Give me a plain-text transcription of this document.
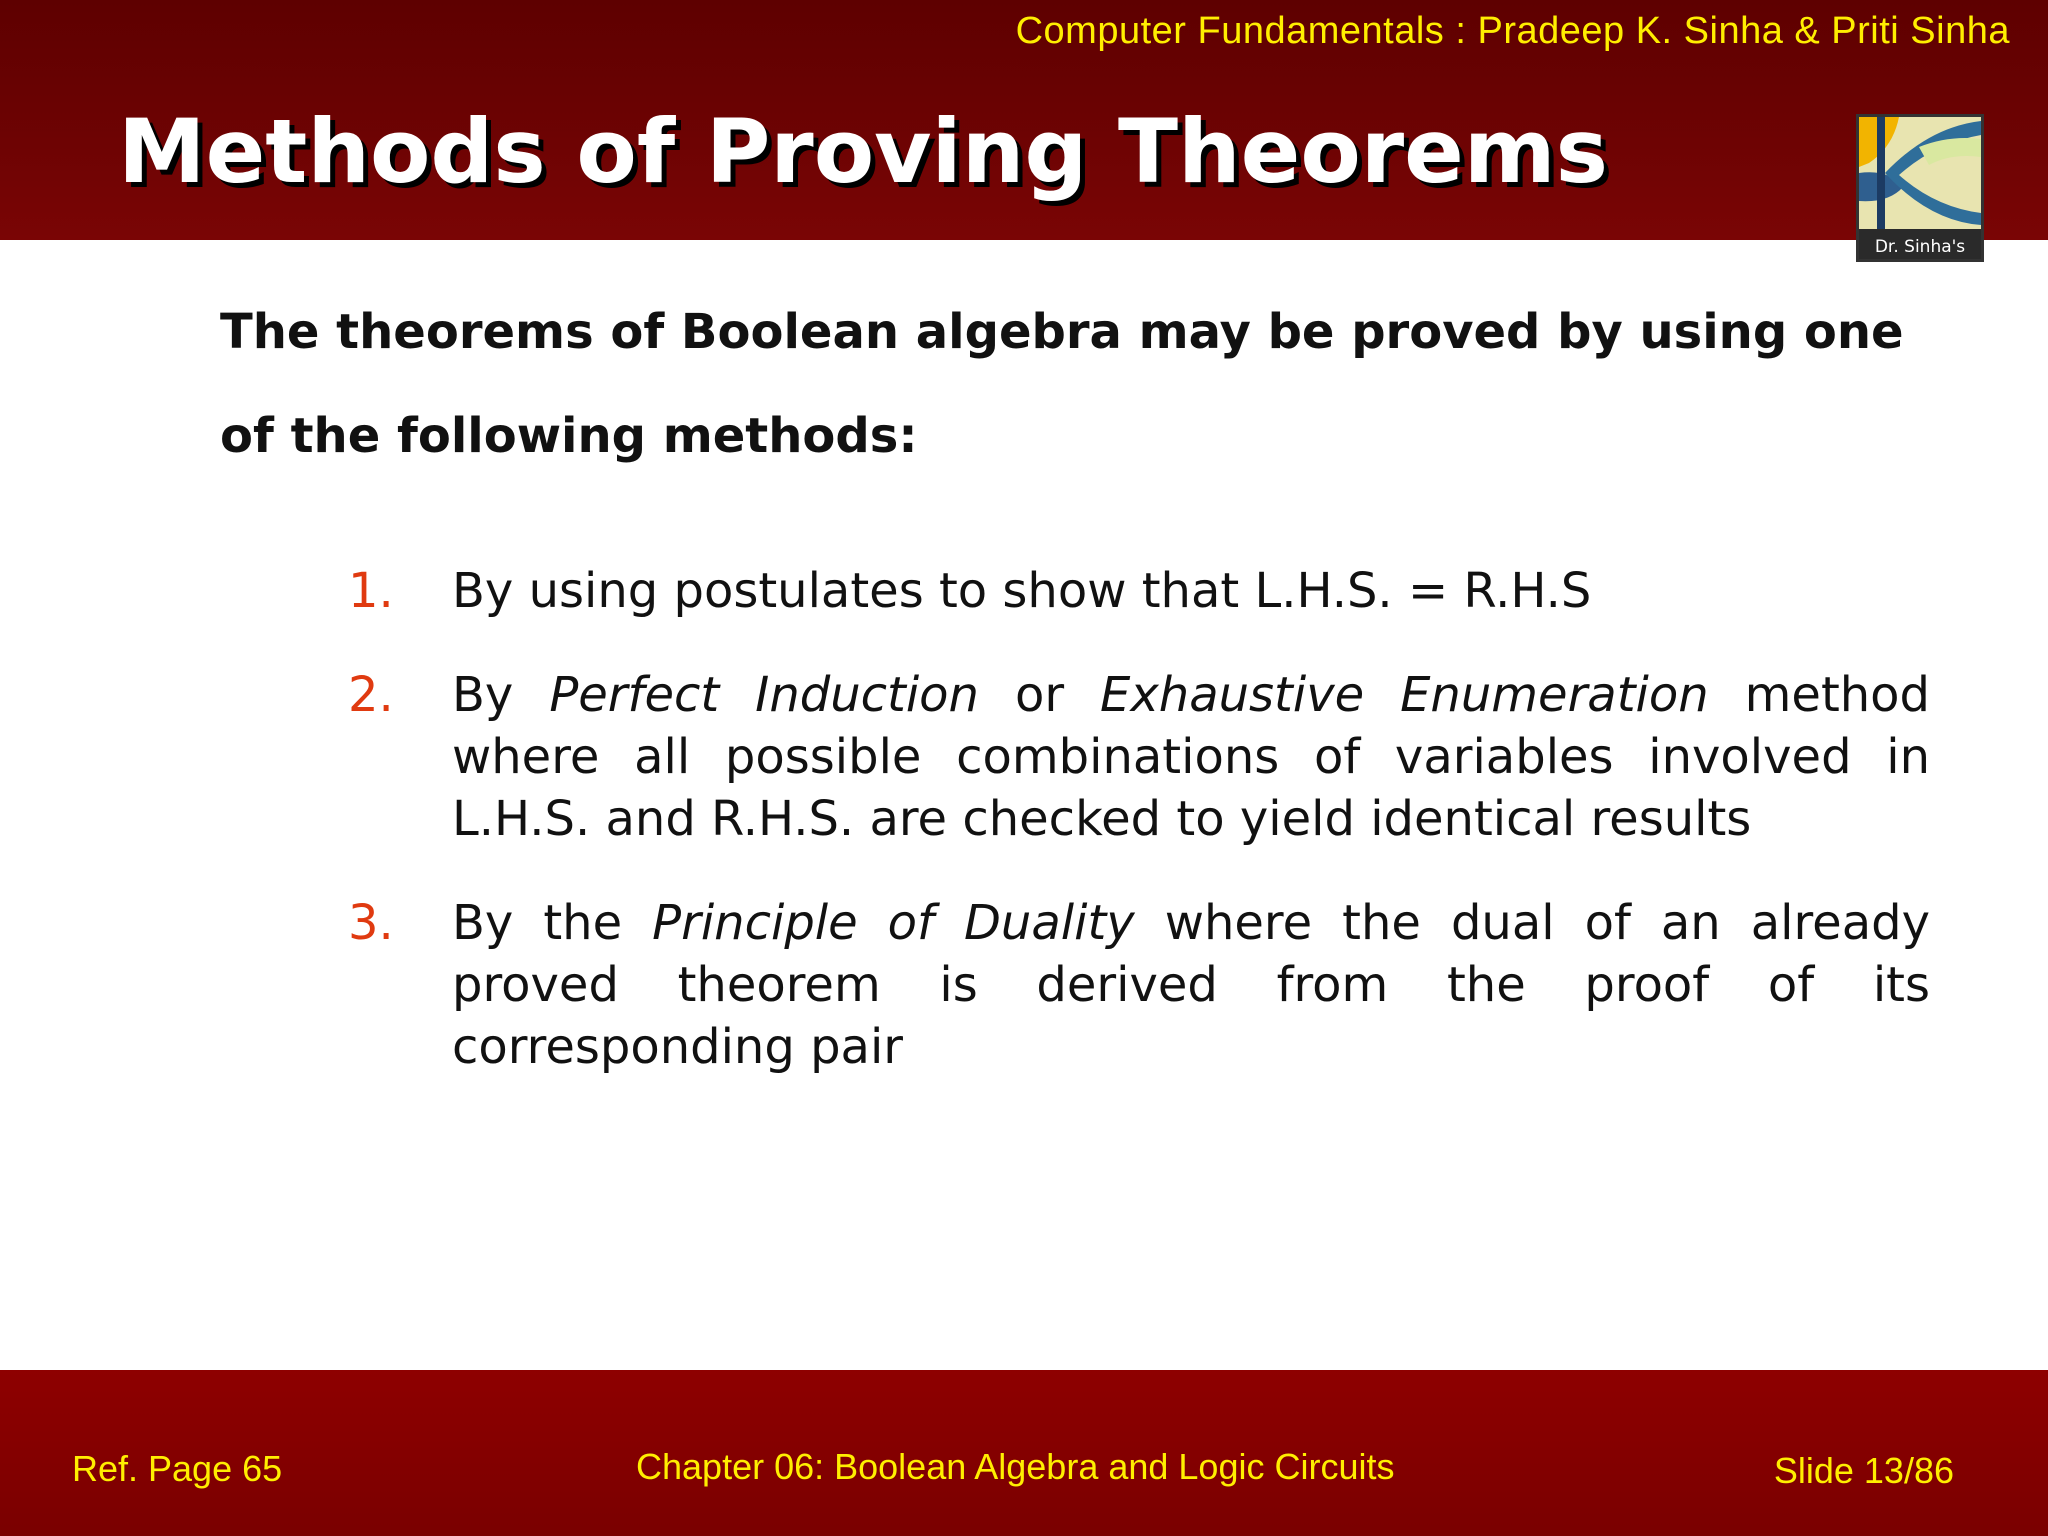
Computer Fundamentals : Pradeep K. Sinha & Priti Sinha
Methods of Proving Theorems
Dr. Sinha's
The theorems of Boolean algebra may be proved by using one of the following methods:
1.	By using postulates to show that L.H.S. = R.H.S
2.	By Perfect Induction or Exhaustive Enumeration method where all possible combinations of variables involved in L.H.S. and R.H.S. are checked to yield identical results
3.	By the Principle of Duality where the dual of an already proved theorem is derived from the proof of its corresponding pair
Ref. Page 65	Chapter 06: Boolean Algebra and Logic Circuits	Slide 13/86
